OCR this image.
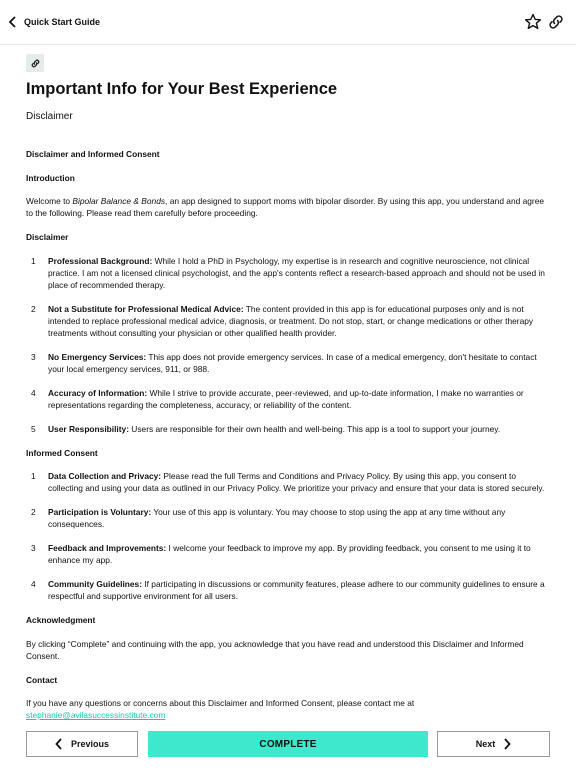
Quick Start Guide
Important Info for Your Best Experience
Disclaimer
Disclaimer and Informed Consent
Introduction
Welcome to Bipolar Balance & Bonds, an app designed to support moms with bipolar disorder. By using this app, you understand and agree to the following. Please read them carefully before proceeding.
Disclaimer
1	Professional Background: While I hold a PhD in Psychology, my expertise is in research and cognitive neuroscience, not clinical practice. I am not a licensed clinical psychologist, and the app's contents reflect a research-based approach and should not be used in place of recommended therapy.
2	Not a Substitute for Professional Medical Advice: The content provided in this app is for educational purposes only and is not intended to replace professional medical advice, diagnosis, or treatment. Do not stop, start, or change medications or other therapy treatments without consulting your physician or other qualified health provider.
3	No Emergency Services: This app does not provide emergency services. In case of a medical emergency, don't hesitate to contact your local emergency services, 911, or 988.
4	Accuracy of Information: While I strive to provide accurate, peer-reviewed, and up-to-date information, I make no warranties or representations regarding the completeness, accuracy, or reliability of the content.
5	User Responsibility: Users are responsible for their own health and well-being. This app is a tool to support your journey.
Informed Consent
1	Data Collection and Privacy: Please read the full Terms and Conditions and Privacy Policy. By using this app, you consent to collecting and using your data as outlined in our Privacy Policy. We prioritize your privacy and ensure that your data is stored securely.
2	Participation is Voluntary: Your use of this app is voluntary. You may choose to stop using the app at any time without any consequences.
3	Feedback and Improvements: I welcome your feedback to improve my app. By providing feedback, you consent to me using it to enhance my app.
4	Community Guidelines: If participating in discussions or community features, please adhere to our community guidelines to ensure a respectful and supportive environment for all users.
Acknowledgment
By clicking “Complete” and continuing with the app, you acknowledge that you have read and understood this Disclaimer and Informed Consent.
Contact
If you have any questions or concerns about this Disclaimer and Informed Consent, please contact me at
stephanie@avilasuccessinstitute.com
Previous	COMPLETE	Next
